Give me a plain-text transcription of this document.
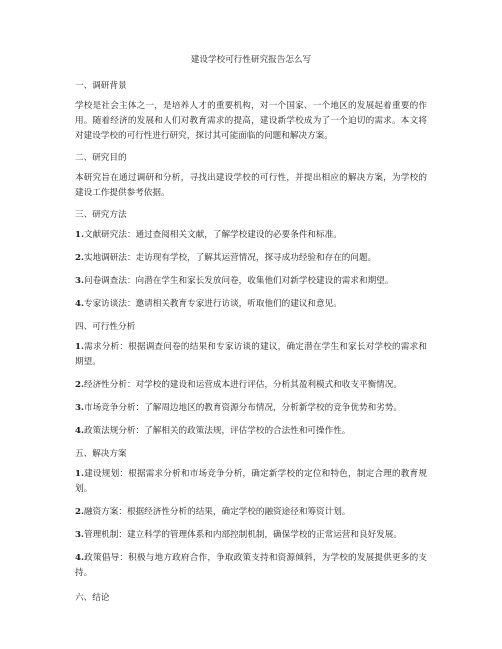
建设学校可行性研究报告怎么写
一、调研背景
学校是社会主体之一，是培养人才的重要机构，对一个国家、一个地区的发展起着重要的作用。随着经济的发展和人们对教育需求的提高，建设新学校成为了一个迫切的需求。本文将对建设学校的可行性进行研究，探讨其可能面临的问题和解决方案。
二、研究目的
本研究旨在通过调研和分析，寻找出建设学校的可行性，并提出相应的解决方案，为学校的建设工作提供参考依据。
三、研究方法
1.文献研究法：通过查阅相关文献，了解学校建设的必要条件和标准。
2.实地调研法：走访现有学校，了解其运营情况，探寻成功经验和存在的问题。
3.问卷调查法：向潜在学生和家长发放问卷，收集他们对新学校建设的需求和期望。
4.专家访谈法：邀请相关教育专家进行访谈，听取他们的建议和意见。
四、可行性分析
1.需求分析：根据调查问卷的结果和专家访谈的建议，确定潜在学生和家长对学校的需求和期望。
2.经济性分析：对学校的建设和运营成本进行评估，分析其盈利模式和收支平衡情况。
3.市场竞争分析：了解周边地区的教育资源分布情况，分析新学校的竞争优势和劣势。
4.政策法规分析：了解相关的政策法规，评估学校的合法性和可操作性。
五、解决方案
1.建设规划：根据需求分析和市场竞争分析，确定新学校的定位和特色，制定合理的教育规划。
2.融资方案：根据经济性分析的结果，确定学校的融资途径和筹资计划。
3.管理机制：建立科学的管理体系和内部控制机制，确保学校的正常运营和良好发展。
4.政策倡导：积极与地方政府合作，争取政策支持和资源倾斜，为学校的发展提供更多的支持。
六、结论
